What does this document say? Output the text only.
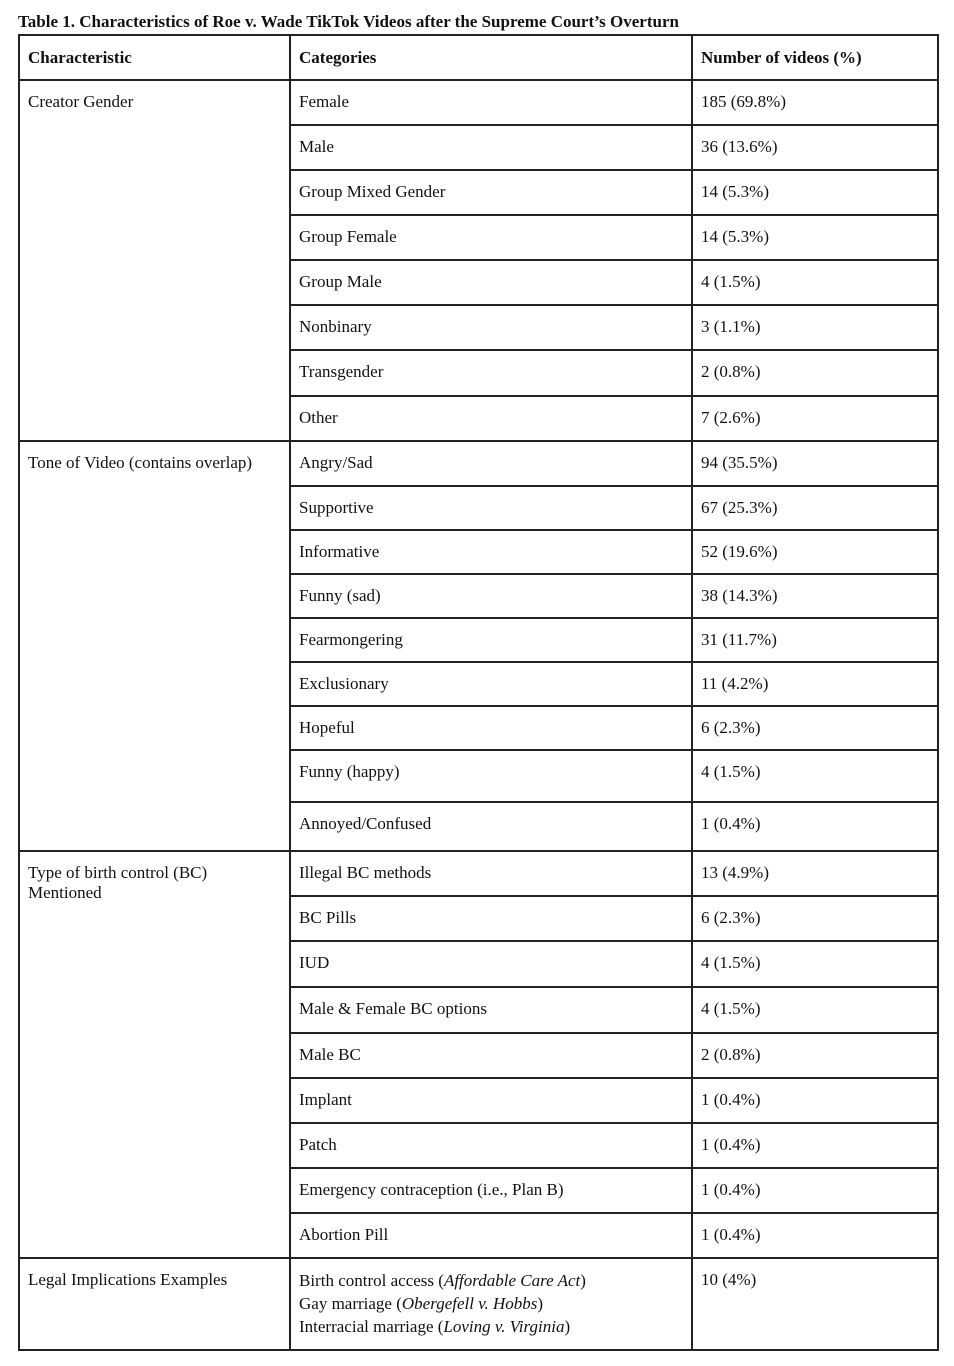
Table 1. Characteristics of Roe v. Wade TikTok Videos after the Supreme Court’s Overturn
Characteristic	Categories	Number of videos (%)
Creator Gender	Female	185 (69.8%)
	Male	36 (13.6%)
	Group Mixed Gender	14 (5.3%)
	Group Female	14 (5.3%)
	Group Male	4 (1.5%)
	Nonbinary	3 (1.1%)
	Transgender	2 (0.8%)
	Other	7 (2.6%)
Tone of Video (contains overlap)	Angry/Sad	94 (35.5%)
	Supportive	67 (25.3%)
	Informative	52 (19.6%)
	Funny (sad)	38 (14.3%)
	Fearmongering	31 (11.7%)
	Exclusionary	11 (4.2%)
	Hopeful	6 (2.3%)
	Funny (happy)	4 (1.5%)
	Annoyed/Confused	1 (0.4%)

Type of birth control (BC)
Mentioned	Illegal BC methods	13 (4.9%)
	BC Pills	6 (2.3%)
	IUD	4 (1.5%)
	Male & Female BC options	4 (1.5%)
	Male BC	2 (0.8%)
	Implant	1 (0.4%)
	Patch	1 (0.4%)
	Emergency contraception (i.e., Plan B)	1 (0.4%)
	Abortion Pill	1 (0.4%)
Legal Implications Examples	Birth control access (Affordable Care Act)
Gay marriage (Obergefell v. Hobbs)
Interracial marriage (Loving v. Virginia)	10 (4%)
